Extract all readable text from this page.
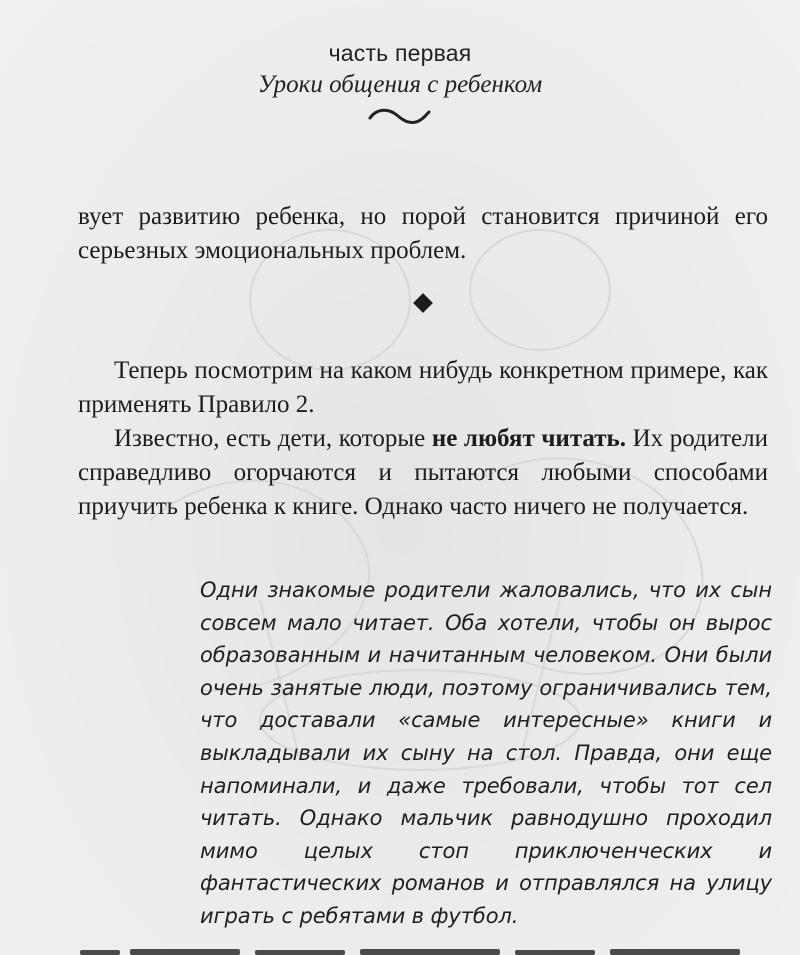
часть первая
Уроки общения с ребенком
вует развитию ребенка, но порой становится причиной его
серьезных эмоциональных проблем.

Теперь посмотрим на каком нибудь конкретном примере, как применять Правило 2.

Известно, есть дети, которые не любят читать. Их родители справедливо огорчаются и пытаются любыми способами приучить ребенка к книге. Однако часто ничего не получается.

Одни знакомые родители жаловались, что их сын совсем мало читает. Оба хотели, чтобы он вырос образованным и начитанным человеком. Они были очень занятые люди, поэтому ограничивались тем, что доставали «самые интересные» книги и выкладывали их сыну на стол. Правда, они еще напоминали, и даже требовали, чтобы тот сел читать. Однако мальчик равнодушно проходил мимо целых стоп приключенческих и фантастических романов и отправлялся на улицу играть с ребятами в футбол.
